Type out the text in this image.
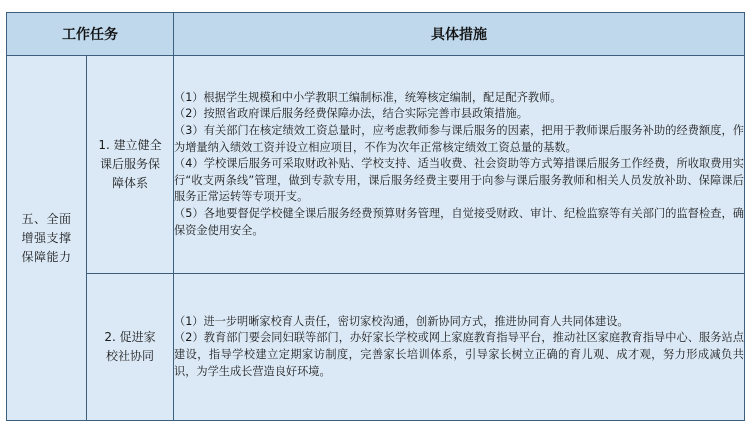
工作任务		具体措施

五、全面增强支撑保障能力	1. 建立健全课后服务保障体系	（1）根据学生规模和中小学教职工编制标准，统筹核定编制，配足配齐教师。

（2）按照省政府课后服务经费保障办法，结合实际完善市县政策措施。

（3）有关部门在核定绩效工资总量时，应考虑教师参与课后服务的因素，把用于教师课后服务补助的经费额度，作为增量纳入绩效工资并设立相应项目，不作为次年正常核定绩效工资总量的基数。

（4）学校课后服务可采取财政补贴、学校支持、适当收费、社会资助等方式筹措课后服务工作经费，所收取费用实行“收支两条线”管理，做到专款专用，课后服务经费主要用于向参与课后服务教师和相关人员发放补助、保障课后服务正常运转等专项开支。

（5）各地要督促学校健全课后服务经费预算财务管理，自觉接受财政、审计、纪检监察等有关部门的监督检查，确保资金使用安全。

	2. 促进家校社协同	（1）进一步明晰家校育人责任，密切家校沟通，创新协同方式，推进协同育人共同体建设。

（2）教育部门要会同妇联等部门，办好家长学校或网上家庭教育指导平台，推动社区家庭教育指导中心、服务站点建设，指导学校建立定期家访制度，完善家长培训体系，引导家长树立正确的育儿观、成才观，努力形成减负共识，为学生成长营造良好环境。
